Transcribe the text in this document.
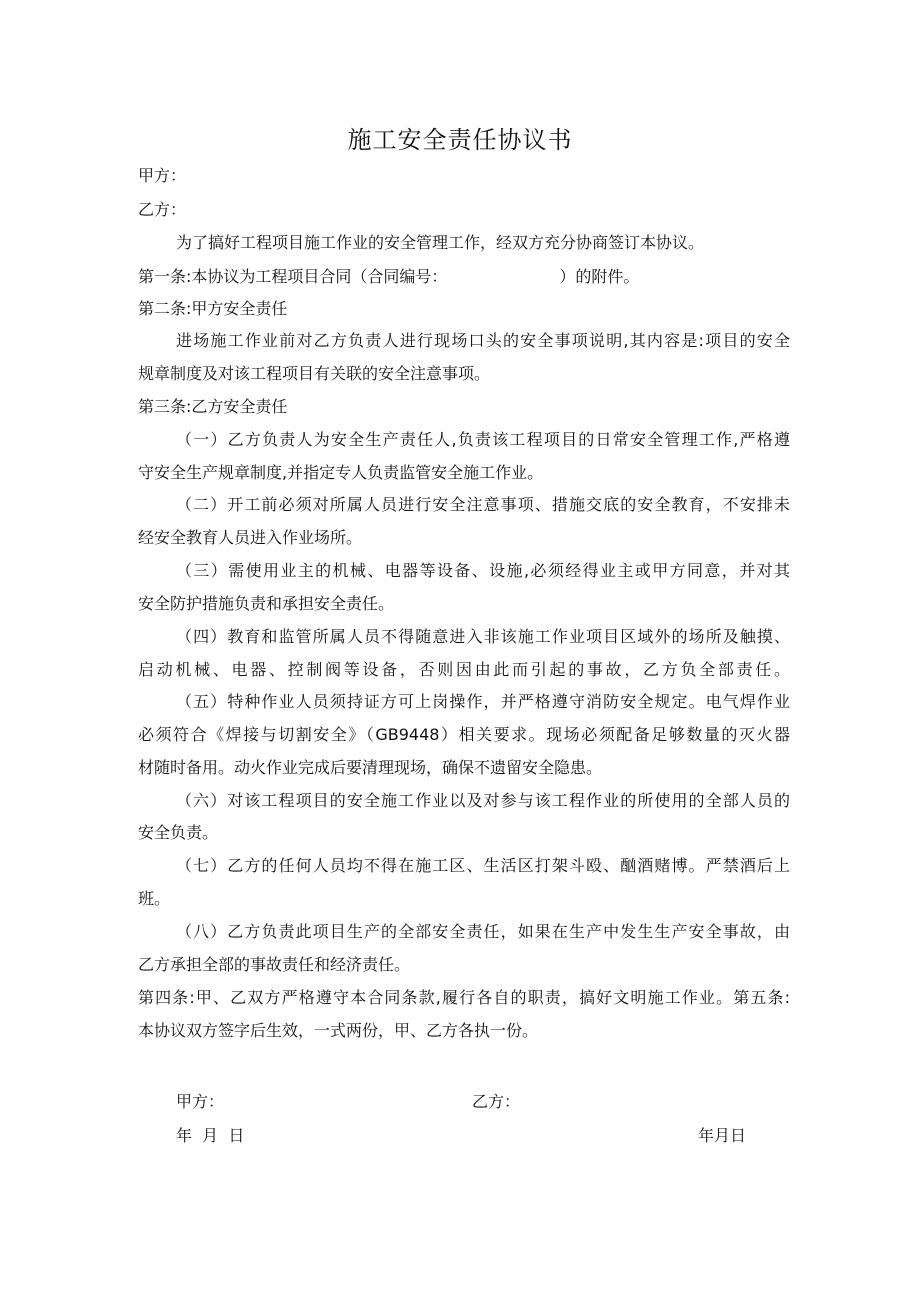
施工安全责任协议书
甲方：
乙方：
为了搞好工程项目施工作业的安全管理工作，经双方充分协商签订本协议。
第一条:本协议为工程项目合同（合同编号：	）的附件。
第二条:甲方安全责任
进场施工作业前对乙方负责人进行现场口头的安全事项说明,其内容是:项目的安全
规章制度及对该工程项目有关联的安全注意事项。
第三条:乙方安全责任
（一）乙方负责人为安全生产责任人,负责该工程项目的日常安全管理工作,严格遵
守安全生产规章制度,并指定专人负责监管安全施工作业。
（二）开工前必须对所属人员进行安全注意事项、措施交底的安全教育，不安排未
经安全教育人员进入作业场所。
（三）需使用业主的机械、电器等设备、设施,必须经得业主或甲方同意，并对其
安全防护措施负责和承担安全责任。
（四）教育和监管所属人员不得随意进入非该施工作业项目区域外的场所及触摸、
启动机械、电器、控制阀等设备，否则因由此而引起的事故，乙方负全部责任。
（五）特种作业人员须持证方可上岗操作，并严格遵守消防安全规定。电气焊作业
必须符合《焊接与切割安全》（GB9448）相关要求。现场必须配备足够数量的灭火器
材随时备用。动火作业完成后要清理现场，确保不遗留安全隐患。
（六）对该工程项目的安全施工作业以及对参与该工程作业的所使用的全部人员的
安全负责。
（七）乙方的任何人员均不得在施工区、生活区打架斗殴、酗酒赌博。严禁酒后上
班。
（八）乙方负责此项目生产的全部安全责任，如果在生产中发生生产安全事故，由
乙方承担全部的事故责任和经济责任。
第四条:甲、乙双方严格遵守本合同条款,履行各自的职责，搞好文明施工作业。第五条:
本协议双方签字后生效，一式两份，甲、乙方各执一份。
甲方：	乙方：
年  月  日	年月日
